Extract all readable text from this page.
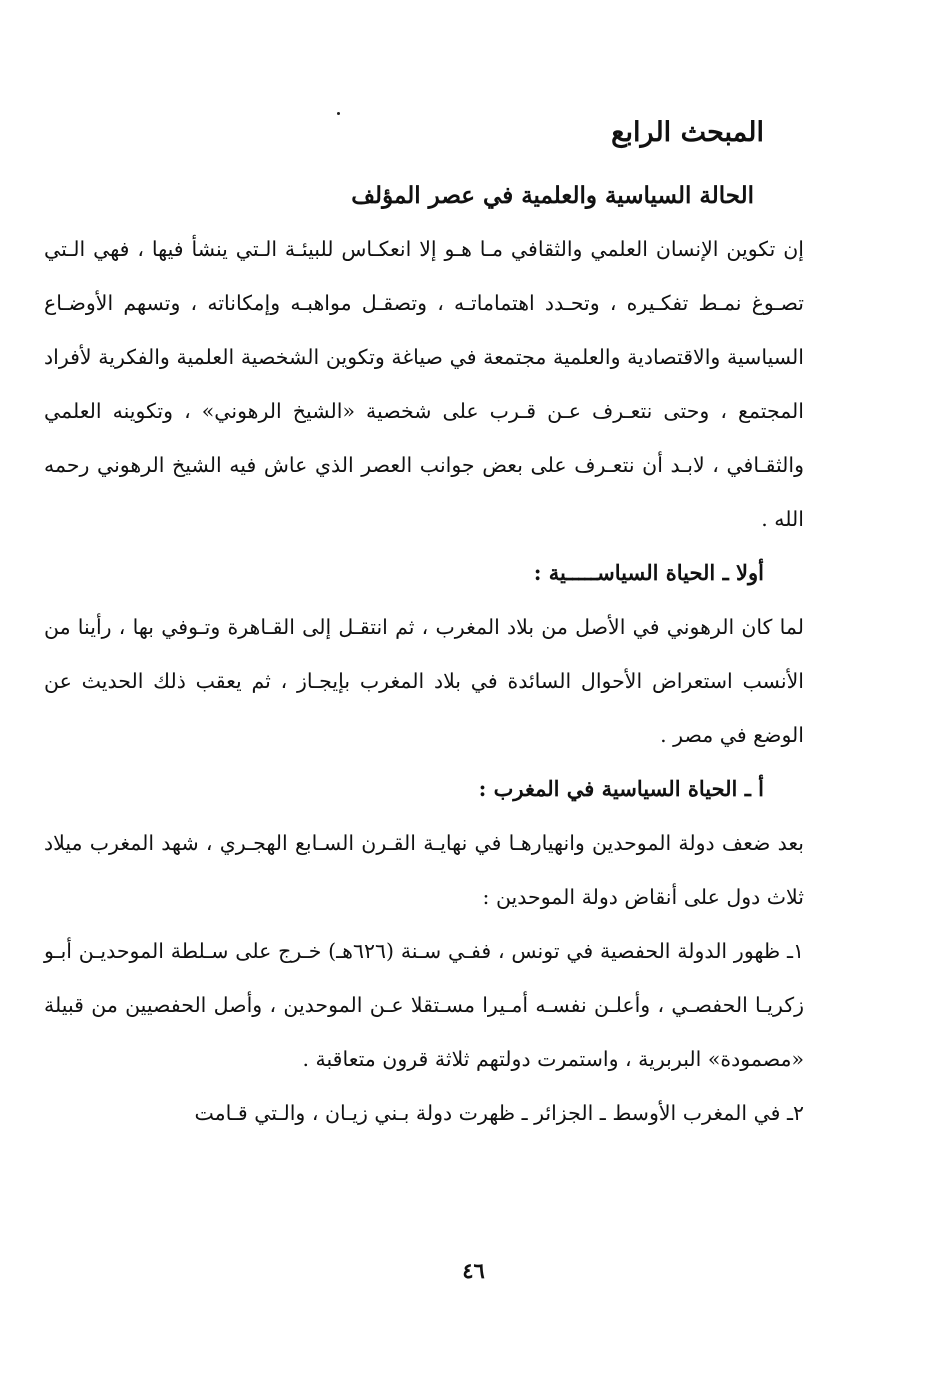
المبحث الرابع
الحالة السياسية والعلمية في عصر المؤلف

إن تكوين الإنسان العلمي والثقافي مـا هـو إلا انعكـاس للبيئـة الـتي ينشأ فيها ، فهي الـتي تصـوغ نمـط تفكـيره ، وتحـدد اهتماماتـه ، وتصقـل مواهبـه وإمكاناته ، وتسهم الأوضـاع السياسية والاقتصادية والعلمية مجتمعة في صياغة وتكوين الشخصية العلمية والفكرية لأفراد المجتمع ، وحتى نتعـرف عـن قـرب على شخصية «الشيخ الرهوني» ، وتكوينه العلمي والثقـافي ، لابـد أن نتعـرف على بعض جوانب العصر الذي عاش فيه الشيخ الرهوني رحمه الله .

أولا ـ الحياة السياســـــية :

لما كان الرهوني في الأصل من بلاد المغرب ، ثم انتقـل إلى القـاهرة وتـوفي بها ، رأينا من الأنسب استعراض الأحوال السائدة في بلاد المغرب بإيجـاز ، ثم يعقب ذلك الحديث عن الوضع في مصر .

أ ـ الحياة السياسية في المغرب :

بعد ضعف دولة الموحدين وانهيارهـا في نهايـة القـرن السـابع الهجـري ، شهد المغرب ميلاد ثلاث دول على أنقاض دولة الموحدين :

١ـ ظهور الدولة الحفصية في تونس ، ففـي سـنة (٦٢٦هـ) خـرج على سـلطة الموحديـن أبـو زكريـا الحفصـي ، وأعلـن نفسـه أمـيرا مسـتقلا عـن الموحدين ، وأصل الحفصيين من قبيلة «مصمودة» البربرية ، واستمرت دولتهم ثلاثة قرون متعاقبة .

٢ـ في المغرب الأوسط ـ الجزائر ـ ظهرت دولة بـني زيـان ، والـتي قـامت

٤٦
